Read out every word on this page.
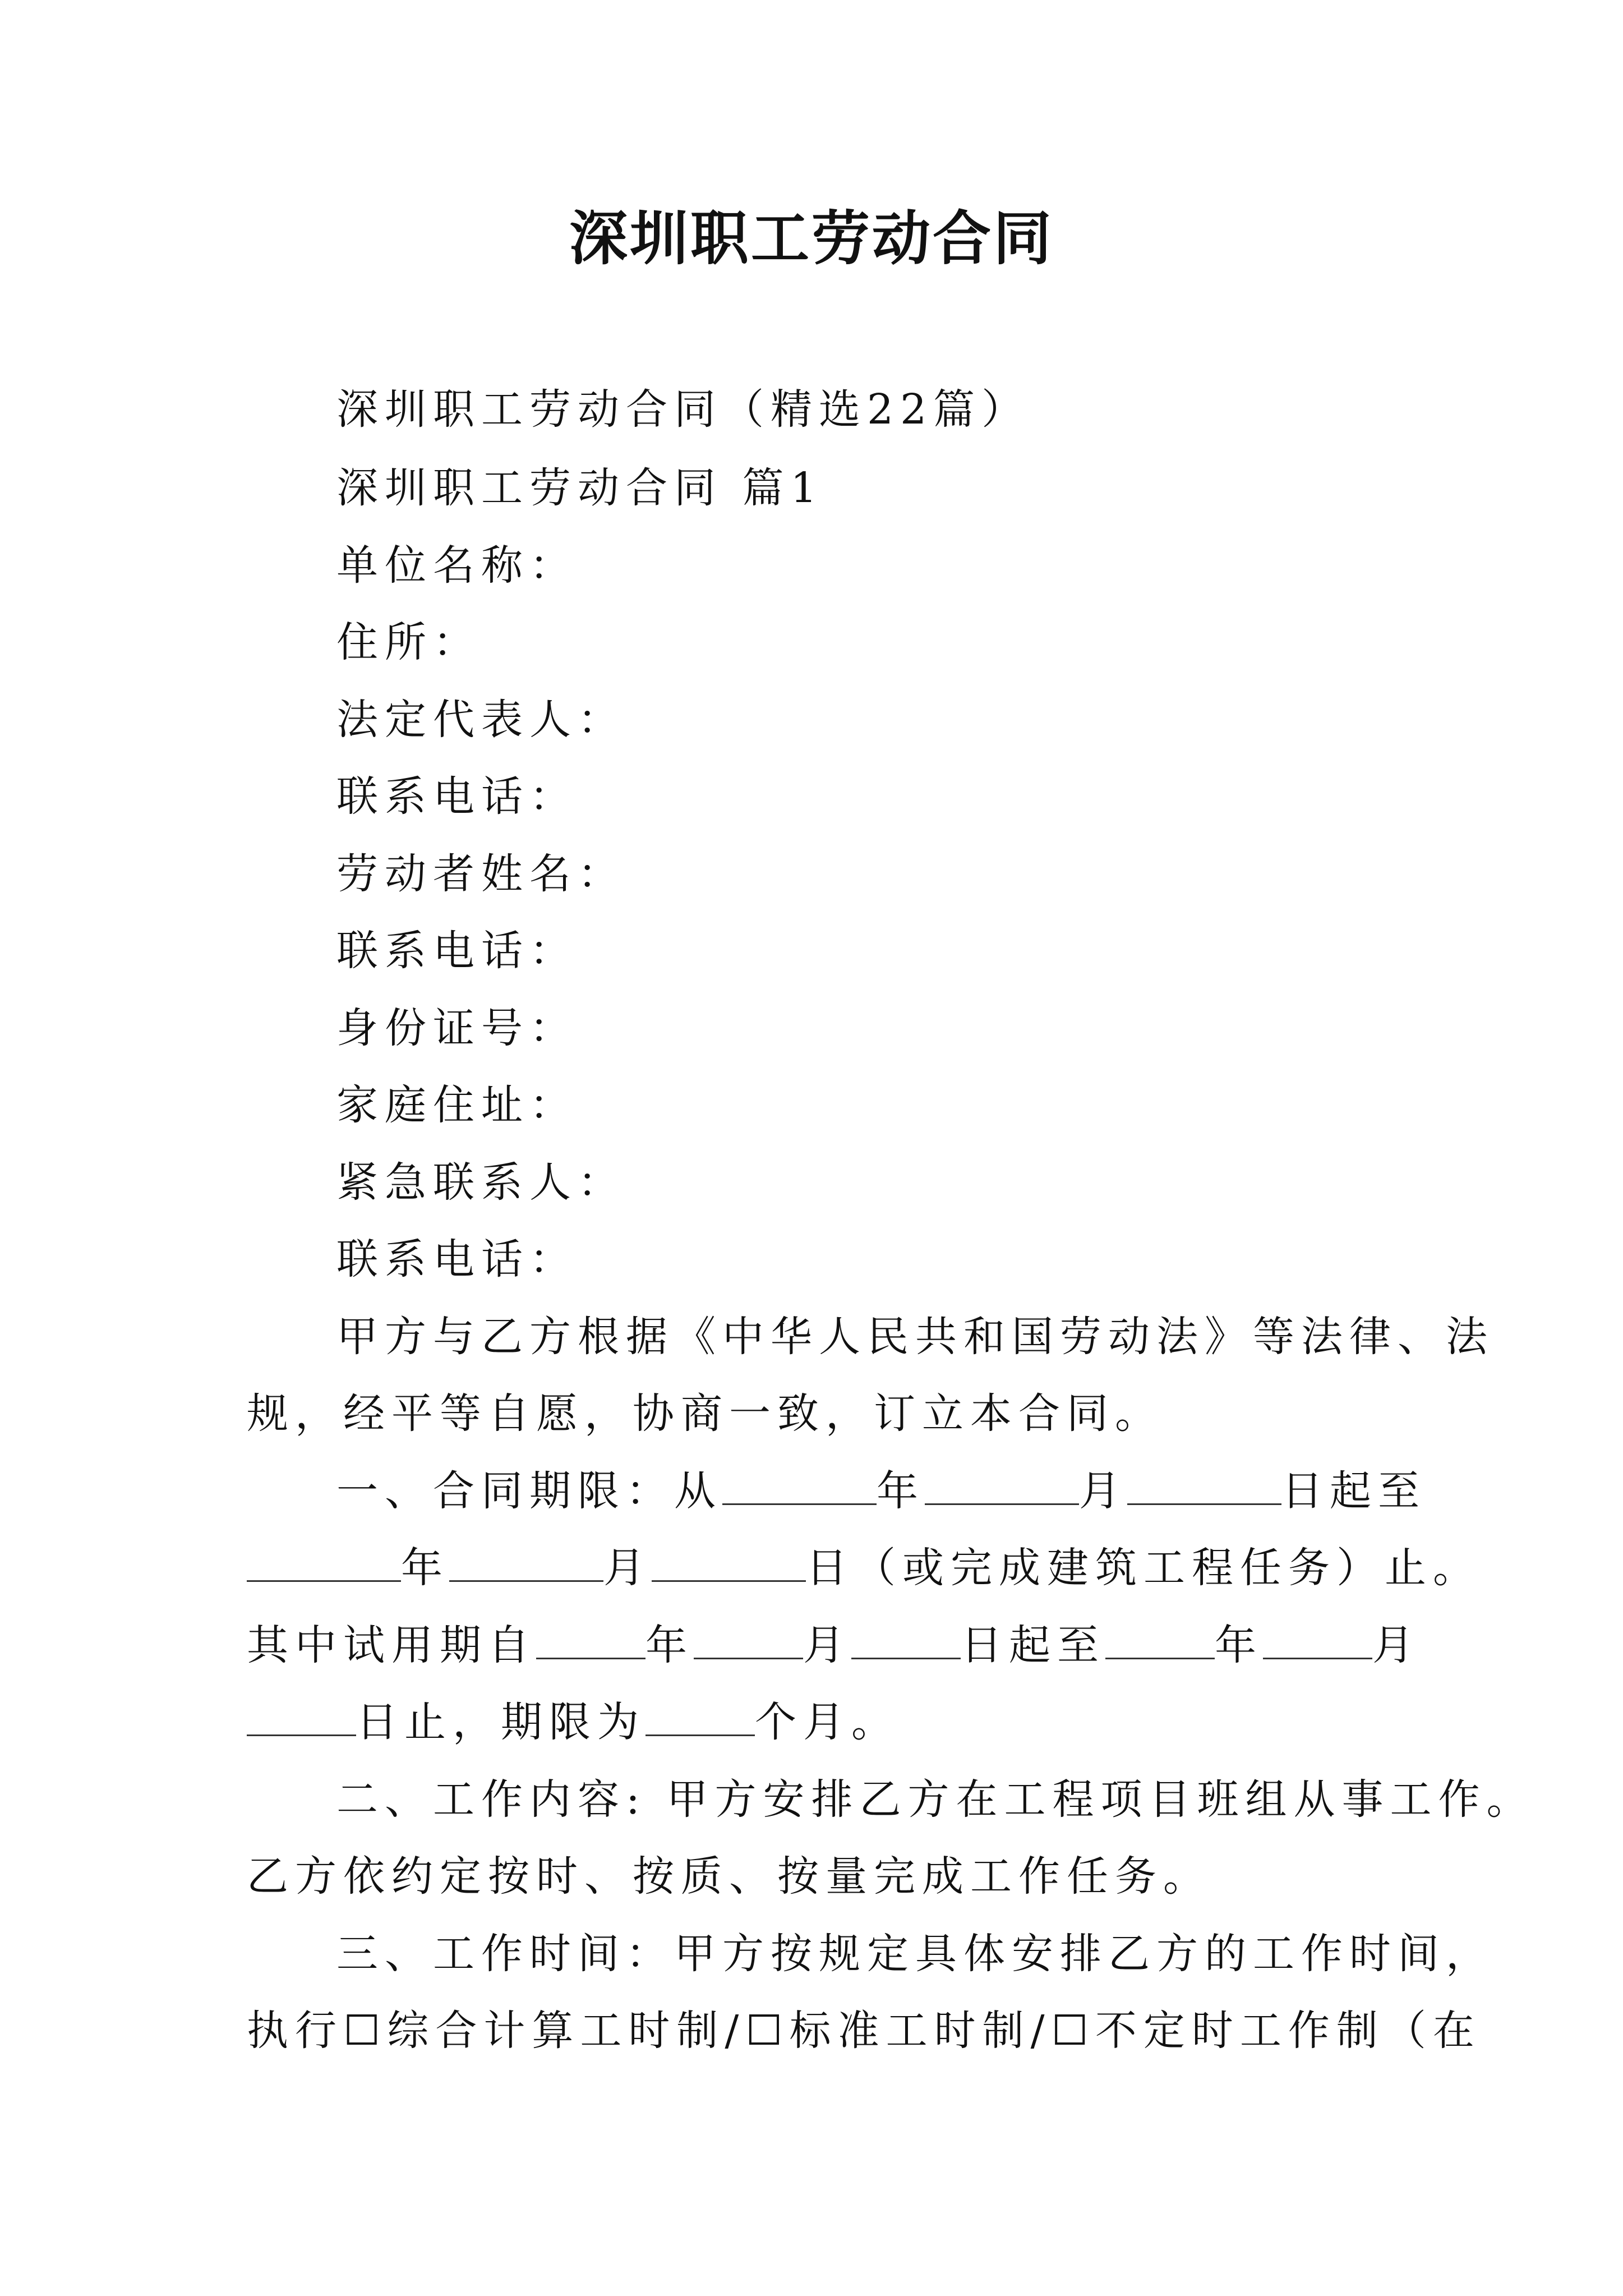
深圳职工劳动合同
深圳职工劳动合同（精选22篇）
深圳职工劳动合同 篇1
单位名称：
住所：
法定代表人：
联系电话：
劳动者姓名：
联系电话：
身份证号：
家庭住址：
紧急联系人：
联系电话：
甲方与乙方根据《中华人民共和国劳动法》等法律、法
规，经平等自愿，协商一致，订立本合同。
一、合同期限：从	年	月	日起至
年	月	日（或完成建筑工程任务）止。
其中试用期自	年	月	日起至	年	月
日止，期限为	个月。
二、工作内容: 甲方安排乙方在工程项目班组从事工作。
乙方依约定按时、按质、按量完成工作任务。
三、工作时间：甲方按规定具体安排乙方的工作时间，
执行☐综合计算工时制/☐标准工时制/☐不定时工作制（在
